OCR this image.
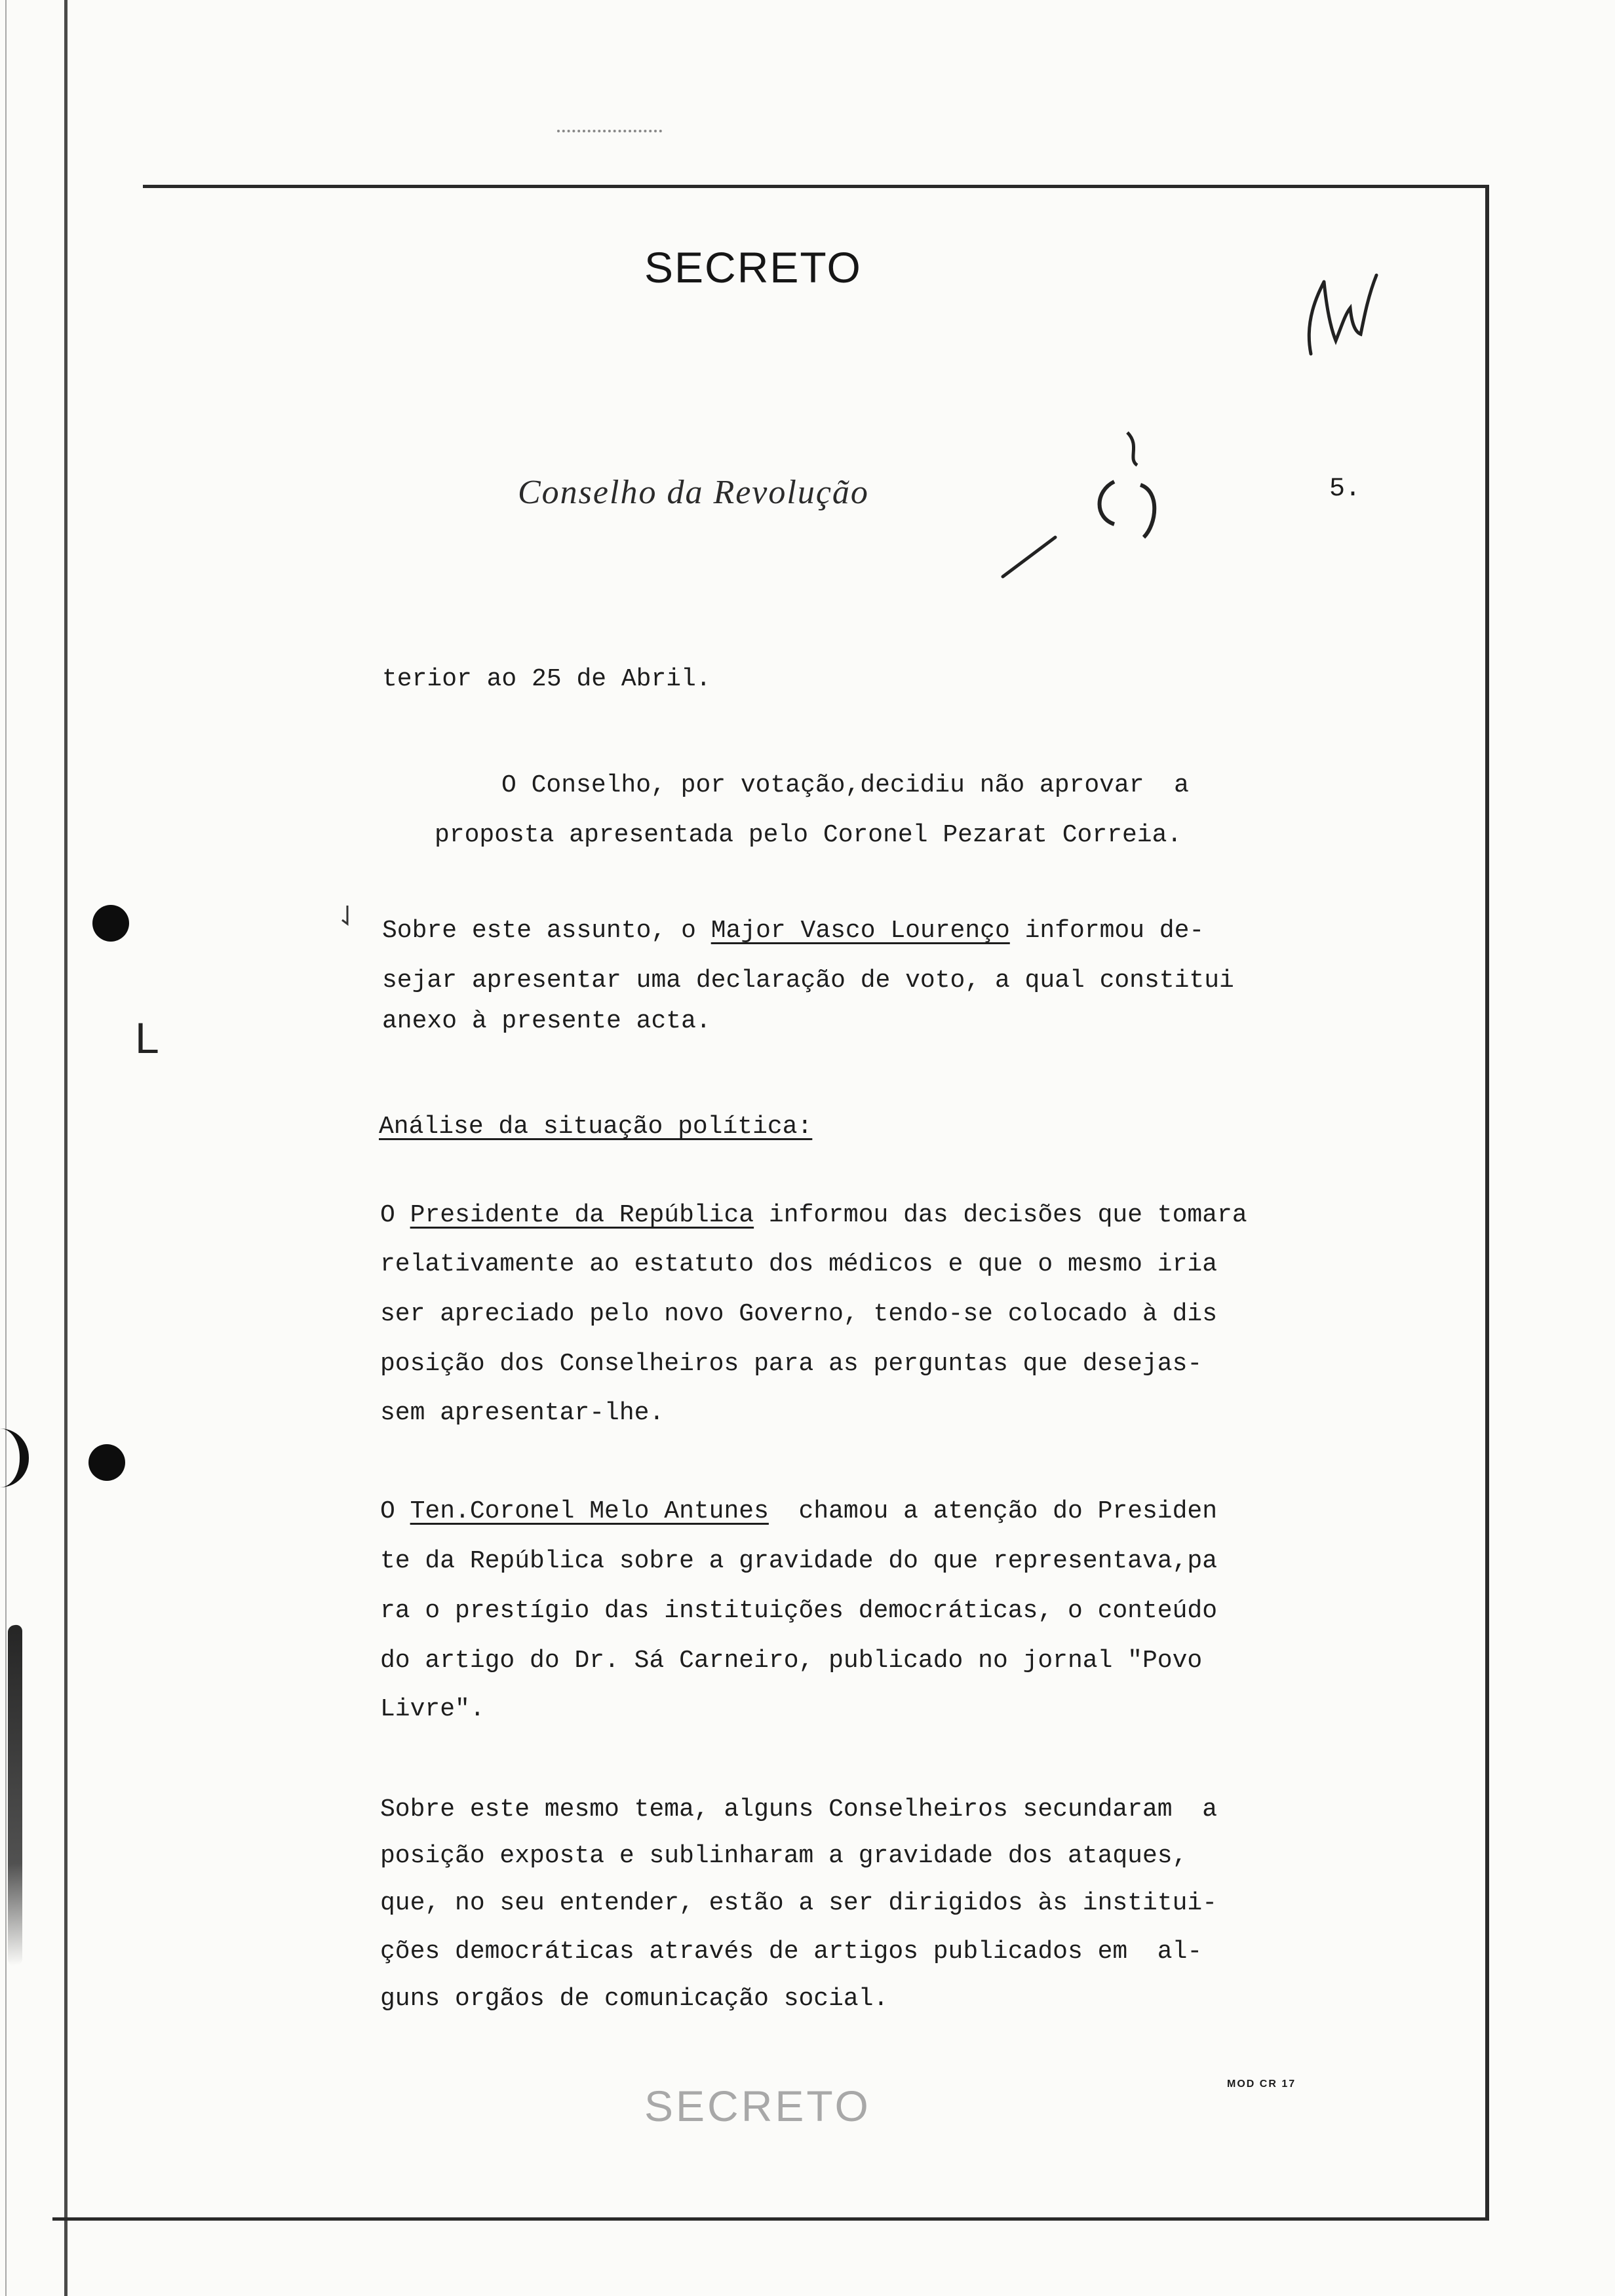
L
SECRETO
Conselho da Revolução	5.
terior ao 25 de Abril.
O Conselho, por votação,decidiu não aprovar  a
proposta apresentada pelo Coronel Pezarat Correia.
Sobre este assunto, o Major Vasco Lourenço informou de-
sejar apresentar uma declaração de voto, a qual constitui
anexo à presente acta.
Análise da situação política:
O Presidente da República informou das decisões que tomara
relativamente ao estatuto dos médicos e que o mesmo iria
ser apreciado pelo novo Governo, tendo-se colocado à dis
posição dos Conselheiros para as perguntas que desejas-
sem apresentar-lhe.
O Ten.Coronel Melo Antunes  chamou a atenção do Presiden
te da República sobre a gravidade do que representava,pa
ra o prestígio das instituições democráticas, o conteúdo
do artigo do Dr. Sá Carneiro, publicado no jornal "Povo
Livre".
Sobre este mesmo tema, alguns Conselheiros secundaram  a
posição exposta e sublinharam a gravidade dos ataques,
que, no seu entender, estão a ser dirigidos às institui-
ções democráticas através de artigos publicados em  al-
guns orgãos de comunicação social.
MOD CR 17
SECRETO
